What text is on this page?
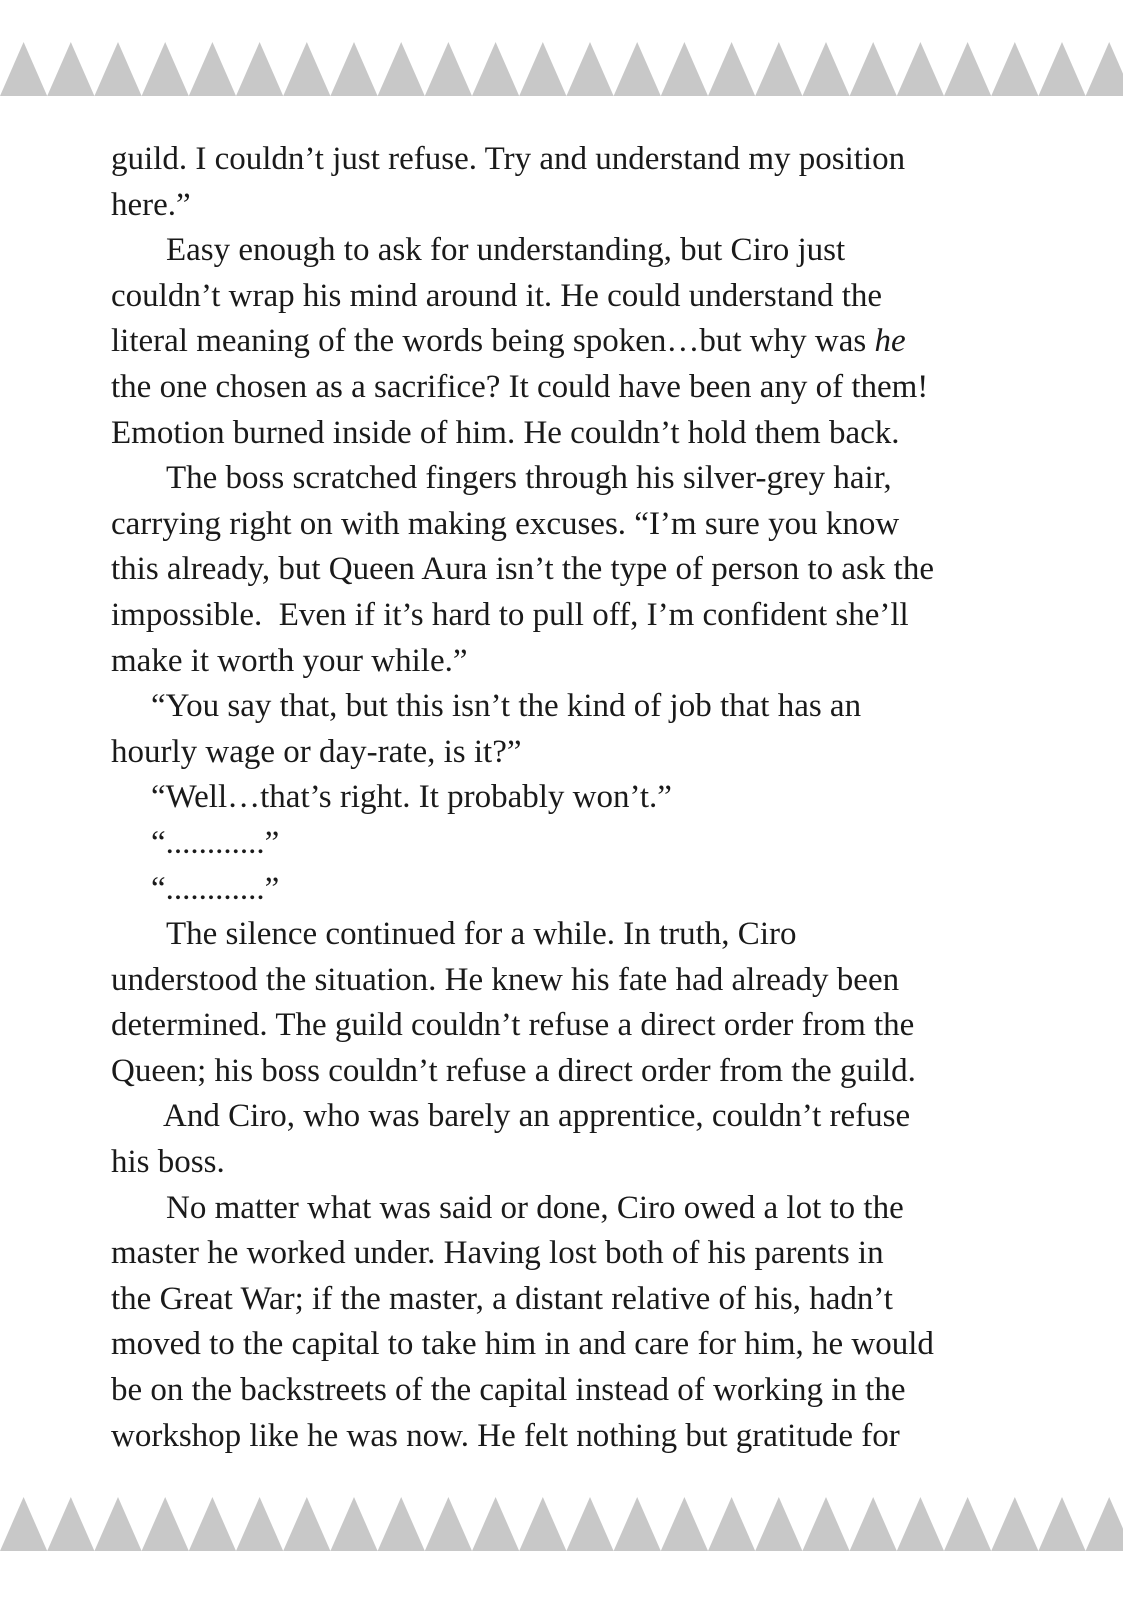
guild. I couldn’t just refuse. Try and understand my position
here.”
Easy enough to ask for understanding, but Ciro just
couldn’t wrap his mind around it. He could understand the
literal meaning of the words being spoken…but why was he
the one chosen as a sacrifice? It could have been any of them!
Emotion burned inside of him. He couldn’t hold them back.
The boss scratched fingers through his silver-grey hair,
carrying right on with making excuses. “I’m sure you know
this already, but Queen Aura isn’t the type of person to ask the
impossible.  Even if it’s hard to pull off, I’m confident she’ll
make it worth your while.”
“You say that, but this isn’t the kind of job that has an
hourly wage or day-rate, is it?”
“Well…that’s right. It probably won’t.”
“............”
“............”
The silence continued for a while. In truth, Ciro
understood the situation. He knew his fate had already been
determined. The guild couldn’t refuse a direct order from the
Queen; his boss couldn’t refuse a direct order from the guild.
And Ciro, who was barely an apprentice, couldn’t refuse
his boss.
No matter what was said or done, Ciro owed a lot to the
master he worked under. Having lost both of his parents in
the Great War; if the master, a distant relative of his, hadn’t
moved to the capital to take him in and care for him, he would
be on the backstreets of the capital instead of working in the
workshop like he was now. He felt nothing but gratitude for
